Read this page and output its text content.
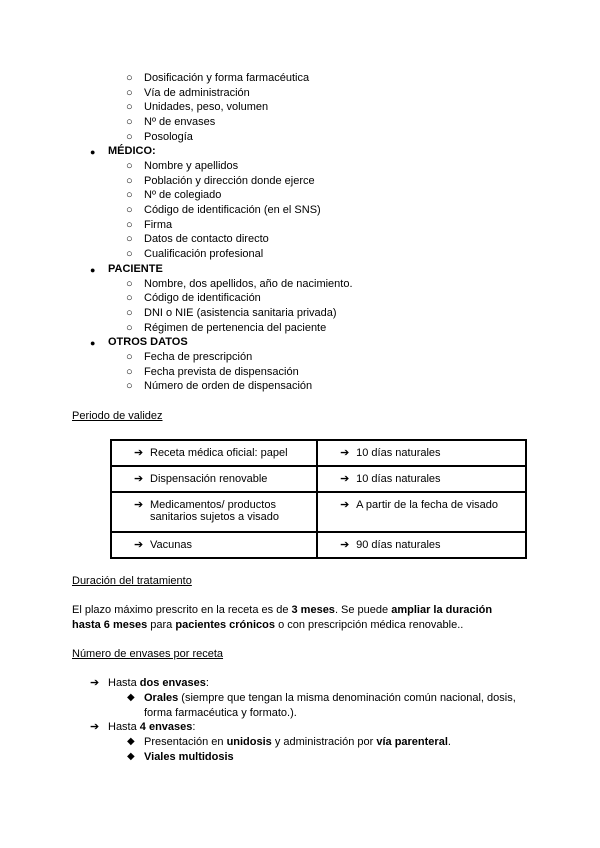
○ Dosificación y forma farmacéutica
○ Vía de administración
○ Unidades, peso, volumen
○ Nº de envases
○ Posología
● MÉDICO:
○ Nombre y apellidos
○ Población y dirección donde ejerce
○ Nº de colegiado
○ Código de identificación (en el SNS)
○ Firma
○ Datos de contacto directo
○ Cualificación profesional
● PACIENTE
○ Nombre, dos apellidos, año de nacimiento.
○ Código de identificación
○ DNI o NIE (asistencia sanitaria privada)
○ Régimen de pertenencia del paciente
● OTROS DATOS
○ Fecha de prescripción
○ Fecha prevista de dispensación
○ Número de orden de dispensación
Periodo de validez
➔ Receta médica oficial: papel	➔ 10 días naturales

➔ Dispensación renovable	➔ 10 días naturales

➔ Medicamentos/ productos sanitarios sujetos a visado	➔ A partir de la fecha de visado

➔ Vacunas	➔ 90 días naturales
Duración del tratamiento
El plazo máximo prescrito en la receta es de 3 meses. Se puede ampliar la duración
hasta 6 meses para pacientes crónicos o con prescripción médica renovable..
Número de envases por receta
➔ Hasta dos envases:
◆ Orales (siempre que tengan la misma denominación común nacional, dosis,
forma farmacéutica y formato.).
➔ Hasta 4 envases:
◆ Presentación en unidosis y administración por vía parenteral.
◆ Viales multidosis
